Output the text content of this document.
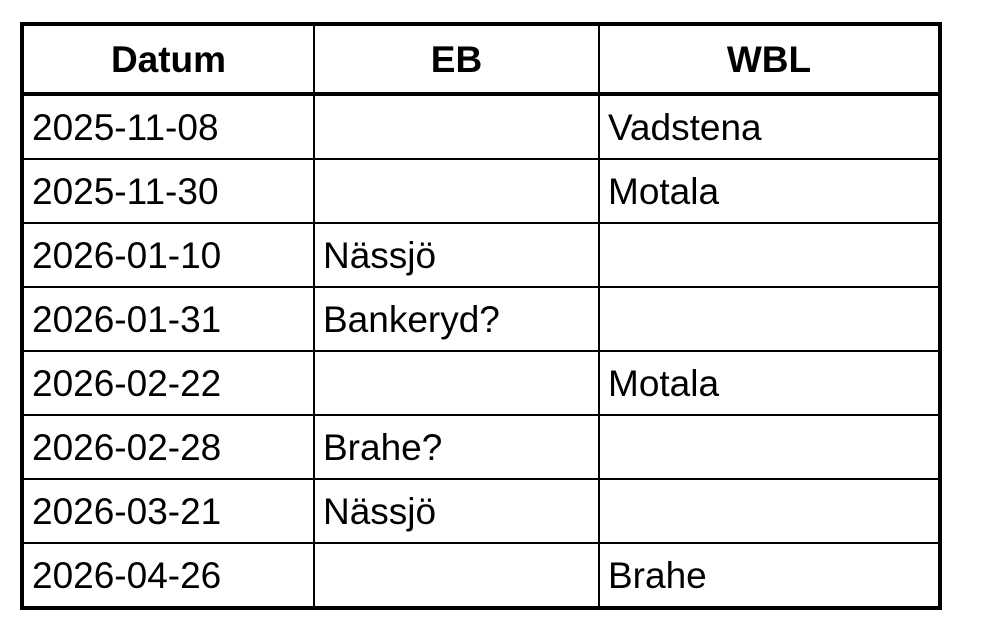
Datum	EB	WBL
2025-11-08		Vadstena
2025-11-30		Motala
2026-01-10	Nässjö	
2026-01-31	Bankeryd?	
2026-02-22		Motala
2026-02-28	Brahe?	
2026-03-21	Nässjö	
2026-04-26		Brahe
